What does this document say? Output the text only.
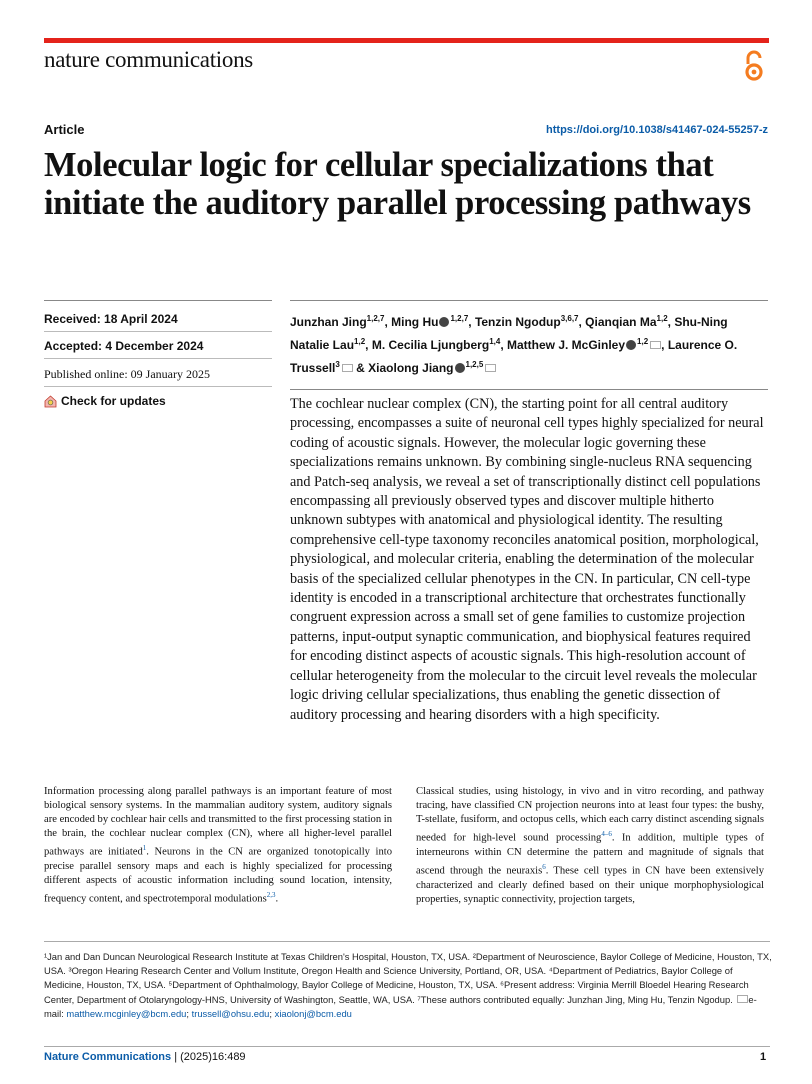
nature communications
Article	https://doi.org/10.1038/s41467-024-55257-z
Molecular logic for cellular specializations that initiate the auditory parallel processing pathways
Received: 18 April 2024
Accepted: 4 December 2024
Published online: 09 January 2025
Check for updates
Junzhan Jing$^{1,2,7}$, Ming Hu $^{1,2,7}$, Tenzin Ngodup$^{3,6,7}$, Qianqian Ma$^{1,2}$, Shu-Ning Natalie Lau$^{1,2}$, M. Cecilia Ljungberg$^{1,4}$, Matthew J. McGinley $^{1,2}$ , Laurence O. Trussell$^3$ & Xiaolong Jiang $^{1,2,5}$

The cochlear nuclear complex (CN), the starting point for all central auditory processing, encompasses a suite of neuronal cell types highly specialized for neural coding of acoustic signals. However, the molecular logic governing these specializations remains unknown. By combining single-nucleus RNA sequencing and Patch-seq analysis, we reveal a set of transcriptionally distinct cell populations encompassing all previously observed types and discover multiple hitherto unknown subtypes with anatomical and physiological identity. The resulting comprehensive cell-type taxonomy reconciles anatomical position, morphological, physiological, and molecular criteria, enabling the determination of the molecular basis of the specialized cellular phenotypes in the CN. In particular, CN cell-type identity is encoded in a transcriptional architecture that orchestrates functionally congruent expression across a small set of gene families to customize projection patterns, input-output synaptic communication, and biophysical features required for encoding distinct aspects of acoustic signals. This high-resolution account of cellular heterogeneity from the molecular to the circuit level reveals the molecular logic driving cellular specializations, thus enabling the genetic dissection of auditory processing and hearing disorders with a high specificity.

Information processing along parallel pathways is an important feature of most biological sensory systems. In the mammalian auditory system, auditory signals are encoded by cochlear hair cells and transmitted to the first processing station in the brain, the cochlear nuclear complex (CN), where all higher-level parallel pathways are initiated$^1$. Neurons in the CN are organized tonotopically into precise parallel sensory maps and each is highly specialized for processing different aspects of acoustic information including sound location, intensity, frequency content, and spectrotemporal modulations$^{2,3}$.

Classical studies, using histology, in vivo and in vitro recording, and pathway tracing, have classified CN projection neurons into at least four types: the bushy, T-stellate, fusiform, and octopus cells, which each carry distinct ascending signals needed for high-level sound processing$^{4-6}$. In addition, multiple types of interneurons within CN determine the pattern and magnitude of signals that ascend through the neuraxis$^6$. These cell types in CN have been extensively characterized and clearly defined based on their unique morphophysiological properties, synaptic connectivity, projection targets,

¹Jan and Dan Duncan Neurological Research Institute at Texas Children's Hospital, Houston, TX, USA. ²Department of Neuroscience, Baylor College of Medicine, Houston, TX, USA. ³Oregon Hearing Research Center and Vollum Institute, Oregon Health and Science University, Portland, OR, USA. ⁴Department of Pediatrics, Baylor College of Medicine, Houston, TX, USA. ⁵Department of Ophthalmology, Baylor College of Medicine, Houston, TX, USA. ⁶Present address: Virginia Merrill Bloedel Hearing Research Center, Department of Otolaryngology-HNS, University of Washington, Seattle, WA, USA. ⁷These authors contributed equally: Junzhan Jing, Ming Hu, Tenzin Ngodup. e-mail: matthew.mcginley@bcm.edu; trussell@ohsu.edu; xiaolonj@bcm.edu

Nature Communications | (2025)16:489	1
